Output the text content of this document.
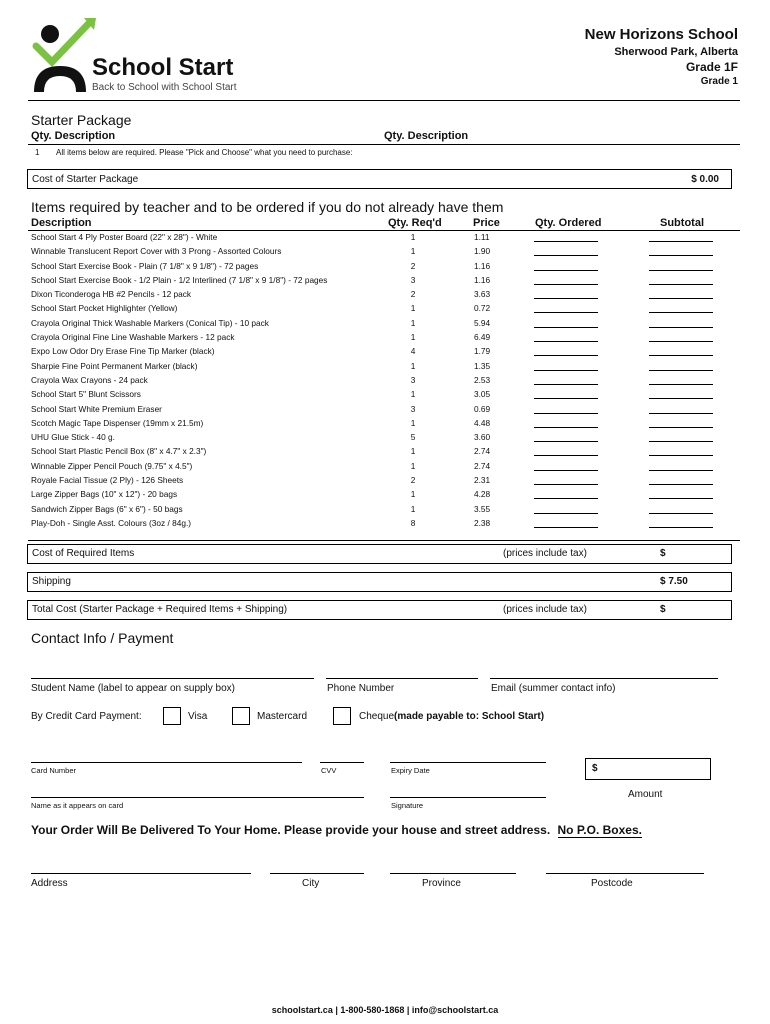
School Start
Back to School with School Start
New Horizons School
Sherwood Park, Alberta
Grade 1F
Grade 1
Starter Package
Qty. Description	Qty. Description
1 All items below are required. Please "Pick and Choose" what you need to purchase:
Cost of Starter Package	$ 0.00
Items required by teacher and to be ordered if you do not already have them
Description	Qty. Req'd	Price	Qty. Ordered	Subtotal
School Start 4 Ply Poster Board (22" x 28") - White	1	1.11
Winnable Translucent Report Cover with 3 Prong - Assorted Colours	1	1.90
School Start Exercise Book - Plain (7 1/8" x 9 1/8") - 72 pages	2	1.16
School Start Exercise Book - 1/2 Plain - 1/2 Interlined (7 1/8" x 9 1/8") - 72 pages	3	1.16
Dixon Ticonderoga HB #2 Pencils - 12 pack	2	3.63
School Start Pocket Highlighter (Yellow)	1	0.72
Crayola Original Thick Washable Markers (Conical Tip) - 10 pack	1	5.94
Crayola Original Fine Line Washable Markers - 12 pack	1	6.49
Expo Low Odor Dry Erase Fine Tip Marker (black)	4	1.79
Sharpie Fine Point Permanent Marker (black)	1	1.35
Crayola Wax Crayons - 24 pack	3	2.53
School Start 5" Blunt Scissors	1	3.05
School Start White Premium Eraser	3	0.69
Scotch Magic Tape Dispenser (19mm x 21.5m)	1	4.48
UHU Glue Stick - 40 g.	5	3.60
School Start Plastic Pencil Box (8" x 4.7" x 2.3")	1	2.74
Winnable Zipper Pencil Pouch (9.75" x 4.5")	1	2.74
Royale Facial Tissue (2 Ply) - 126 Sheets	2	2.31
Large Zipper Bags (10" x 12") - 20 bags	1	4.28
Sandwich Zipper Bags (6" x 6") - 50 bags	1	3.55
Play-Doh - Single Asst. Colours (3oz / 84g.)	8	2.38
Cost of Required Items	(prices include tax)	$
Shipping	$ 7.50
Total Cost (Starter Package + Required Items + Shipping)	(prices include tax)	$
Contact Info / Payment
Student Name (label to appear on supply box)	Phone Number	Email (summer contact info)
By Credit Card Payment:	Visa	Mastercard	Cheque(made payable to: School Start)
Card Number	CVV	Expiry Date	$
Amount
Name as it appears on card	Signature
Your Order Will Be Delivered To Your Home. Please provide your house and street address. No P.O. Boxes.
Address	City	Province	Postcode
schoolstart.ca | 1-800-580-1868 | info@schoolstart.ca
